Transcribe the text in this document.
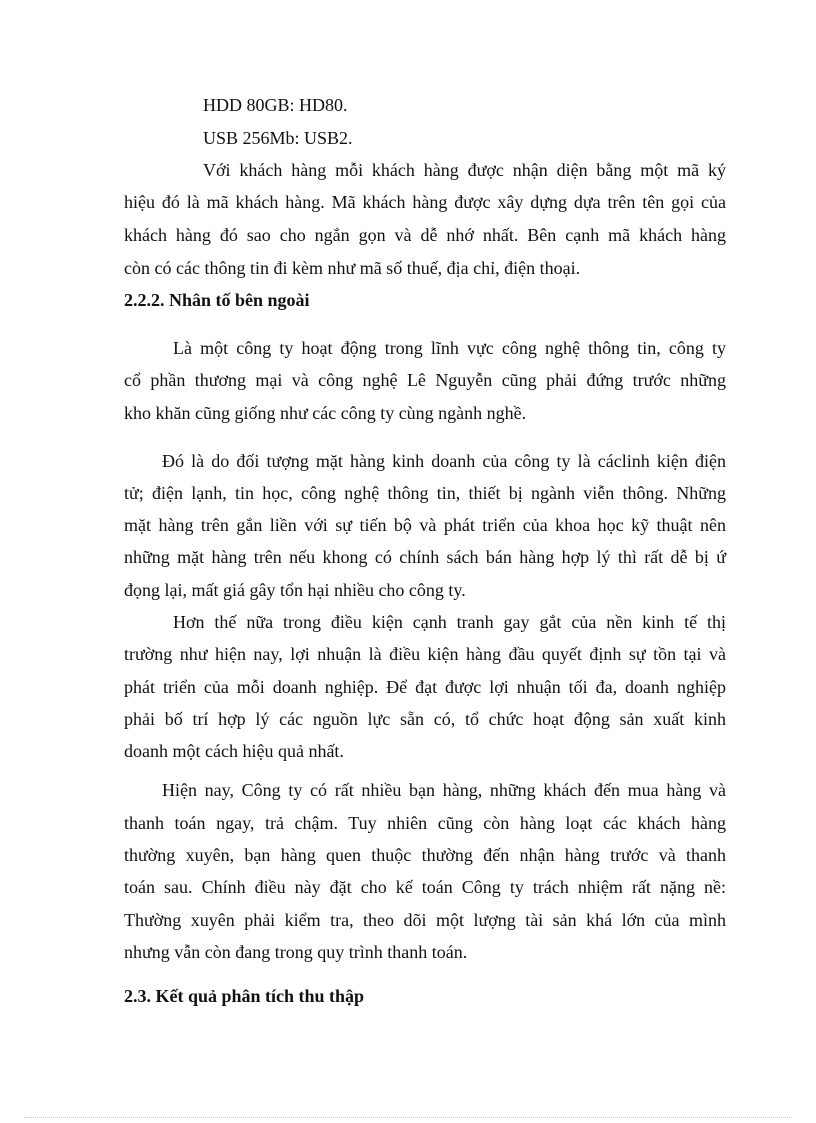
HDD 80GB: HD80.
USB 256Mb: USB2.
Với khách hàng mỗi khách hàng được nhận diện bằng một mã ký
hiệu đó là mã khách hàng. Mã khách hàng được xây dựng dựa trên tên gọi của
khách hàng đó sao cho ngắn gọn và dễ nhớ nhất. Bên cạnh mã khách hàng
còn có các thông tin đi kèm như mã số thuế, địa chỉ, điện thoại.
2.2.2. Nhân tố bên ngoài
Là một công ty hoạt động trong lĩnh vực công nghệ thông tin, công ty
cổ phần thương mại và công nghệ Lê Nguyễn cũng phải đứng trước những
kho khăn cũng giống như các công ty cùng ngành nghề.
Đó là do đối tượng mặt hàng kinh doanh của công ty là cáclinh kiện điện
tử; điện lạnh, tin học, công nghệ thông tin, thiết bị ngành viễn thông. Những
mặt hàng trên gắn liền với sự tiến bộ và phát triển của khoa học kỹ thuật nên
những mặt hàng trên nếu khong có chính sách bán hàng hợp lý thì rất dễ bị ứ
đọng lại, mất giá gây tổn hại nhiều cho công ty.
Hơn thế nữa trong điều kiện cạnh tranh gay gắt của nền kinh tế thị
trường như hiện nay, lợi nhuận là điều kiện hàng đầu quyết định sự tồn tại và
phát triển của mỗi doanh nghiệp. Để đạt được lợi nhuận tối đa, doanh nghiệp
phải bố trí hợp lý các nguồn lực sẵn có, tổ chức hoạt động sản xuất kinh
doanh một cách hiệu quả nhất.
Hiện nay, Công ty có rất nhiều bạn hàng, những khách đến mua hàng và
thanh toán ngay, trả chậm. Tuy nhiên cũng còn hàng loạt các khách hàng
thường xuyên, bạn hàng quen thuộc thường đến nhận hàng trước và thanh
toán sau. Chính điều này đặt cho kế toán Công ty trách nhiệm rất nặng nề:
Thường xuyên phải kiểm tra, theo dõi một lượng tài sản khá lớn của mình
nhưng vẫn còn đang trong quy trình thanh toán.
2.3. Kết quả phân tích thu thập
